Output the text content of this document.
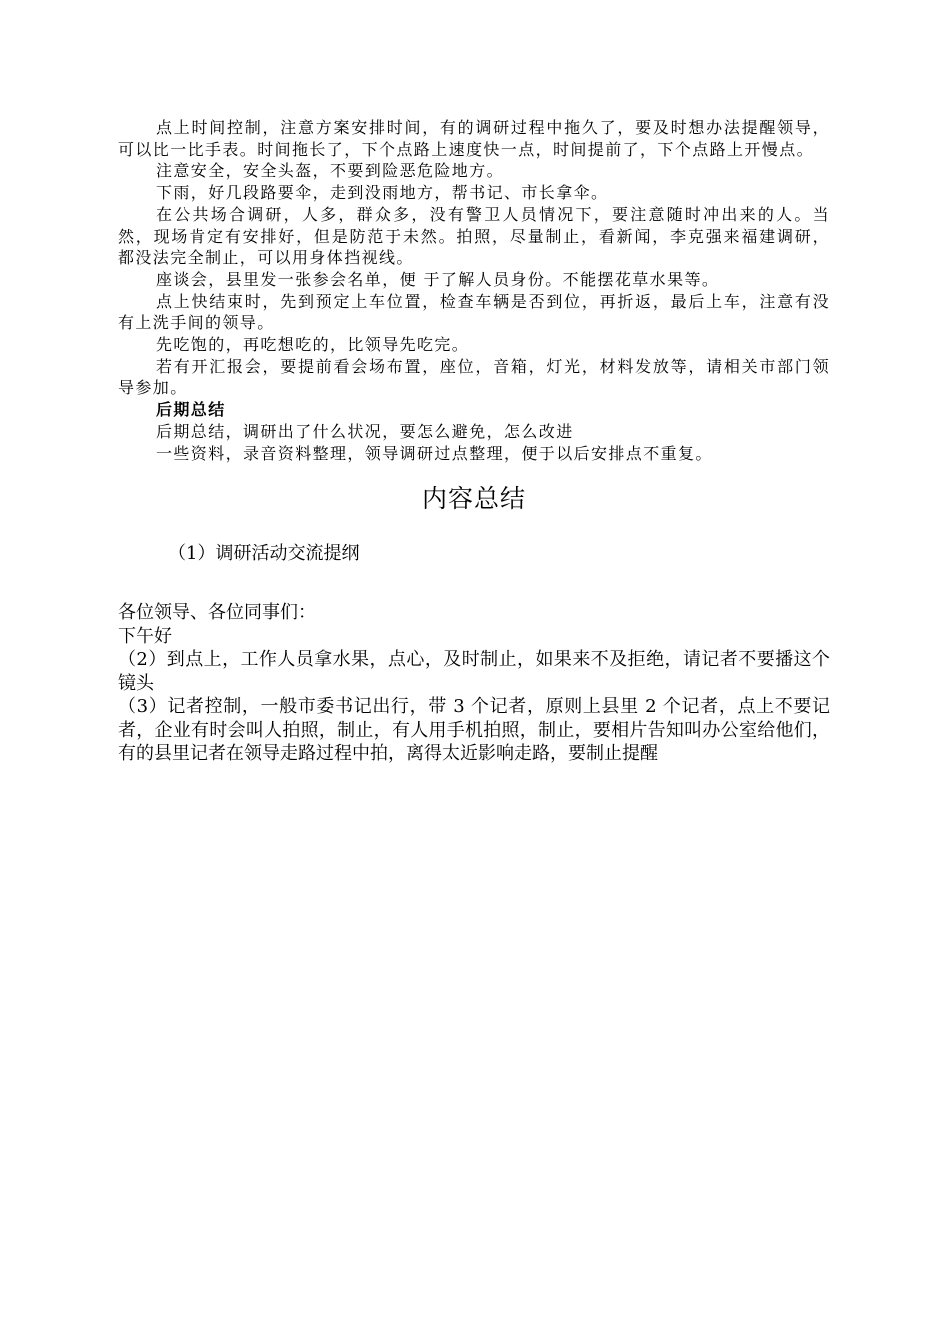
点上时间控制，注意方案安排时间，有的调研过程中拖久了，要及时想办法提醒领导，可以比一比手表。时间拖长了，下个点路上速度快一点，时间提前了，下个点路上开慢点。

注意安全，安全头盔，不要到险恶危险地方。

下雨，好几段路要伞，走到没雨地方，帮书记、市长拿伞。

在公共场合调研，人多，群众多，没有警卫人员情况下，要注意随时冲出来的人。当然，现场肯定有安排好，但是防范于未然。拍照，尽量制止，看新闻，李克强来福建调研，都没法完全制止，可以用身体挡视线。

座谈会，县里发一张参会名单，便 于了解人员身份。不能摆花草水果等。

点上快结束时，先到预定上车位置，检查车辆是否到位，再折返，最后上车，注意有没有上洗手间的领导。

先吃饱的，再吃想吃的，比领导先吃完。

若有开汇报会，要提前看会场布置，座位，音箱，灯光，材料发放等，请相关市部门领导参加。

后期总结

后期总结，调研出了什么状况，要怎么避免，怎么改进

一些资料，录音资料整理，领导调研过点整理，便于以后安排点不重复。

内容总结
（1）调研活动交流提纲

各位领导、各位同事们：

下午好

（2）到点上，工作人员拿水果，点心，及时制止，如果来不及拒绝，请记者不要播这个镜头

（3）记者控制，一般市委书记出行，带 3 个记者，原则上县里 2 个记者，点上不要记者，企业有时会叫人拍照，制止，有人用手机拍照，制止，要相片告知叫办公室给他们，有的县里记者在领导走路过程中拍，离得太近影响走路，要制止提醒
